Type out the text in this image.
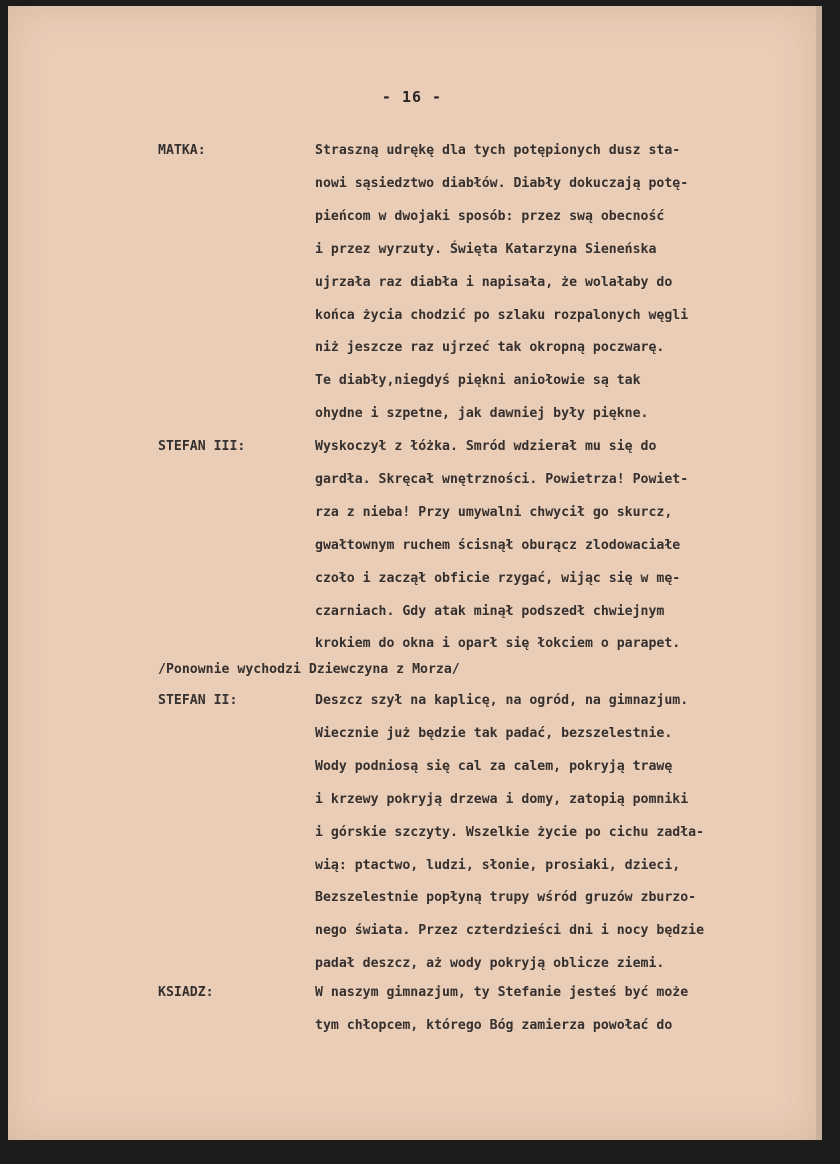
- 16 -
MATKA:	Straszną udrękę dla tych potępionych dusz sta-
nowi sąsiedztwo diabłów. Diabły dokuczają potę-
pieńcom w dwojaki sposób: przez swą obecność
i przez wyrzuty. Święta Katarzyna Sieneńska
ujrzała raz diabła i napisała, że wolałaby do
końca życia chodzić po szlaku rozpalonych węgli
niż jeszcze raz ujrzeć tak okropną poczwarę.
Te diabły,niegdyś piękni aniołowie są tak
ohydne i szpetne, jak dawniej były piękne.
STEFAN III:	Wyskoczył z łóżka. Smród wdzierał mu się do
gardła. Skręcał wnętrzności. Powietrza! Powiet-
rza z nieba! Przy umywalni chwycił go skurcz,
gwałtownym ruchem ścisnął oburącz zlodowaciałe
czoło i zaczął obficie rzygać, wijąc się w mę-
czarniach. Gdy atak minął podszedł chwiejnym
krokiem do okna i oparł się łokciem o parapet.
/Ponownie wychodzi Dziewczyna z Morza/
STEFAN II:	Deszcz szył na kaplicę, na ogród, na gimnazjum.
Wiecznie już będzie tak padać, bezszelestnie.
Wody podniosą się cal za calem, pokryją trawę
i krzewy pokryją drzewa i domy, zatopią pomniki
i górskie szczyty. Wszelkie życie po cichu zadła-
wią: ptactwo, ludzi, słonie, prosiaki, dzieci,
Bezszelestnie popłyną trupy wśród gruzów zburzo-
nego świata. Przez czterdzieści dni i nocy będzie
padał deszcz, aż wody pokryją oblicze ziemi.
KSIADZ:	W naszym gimnazjum, ty Stefanie jesteś być może
tym chłopcem, którego Bóg zamierza powołać do
